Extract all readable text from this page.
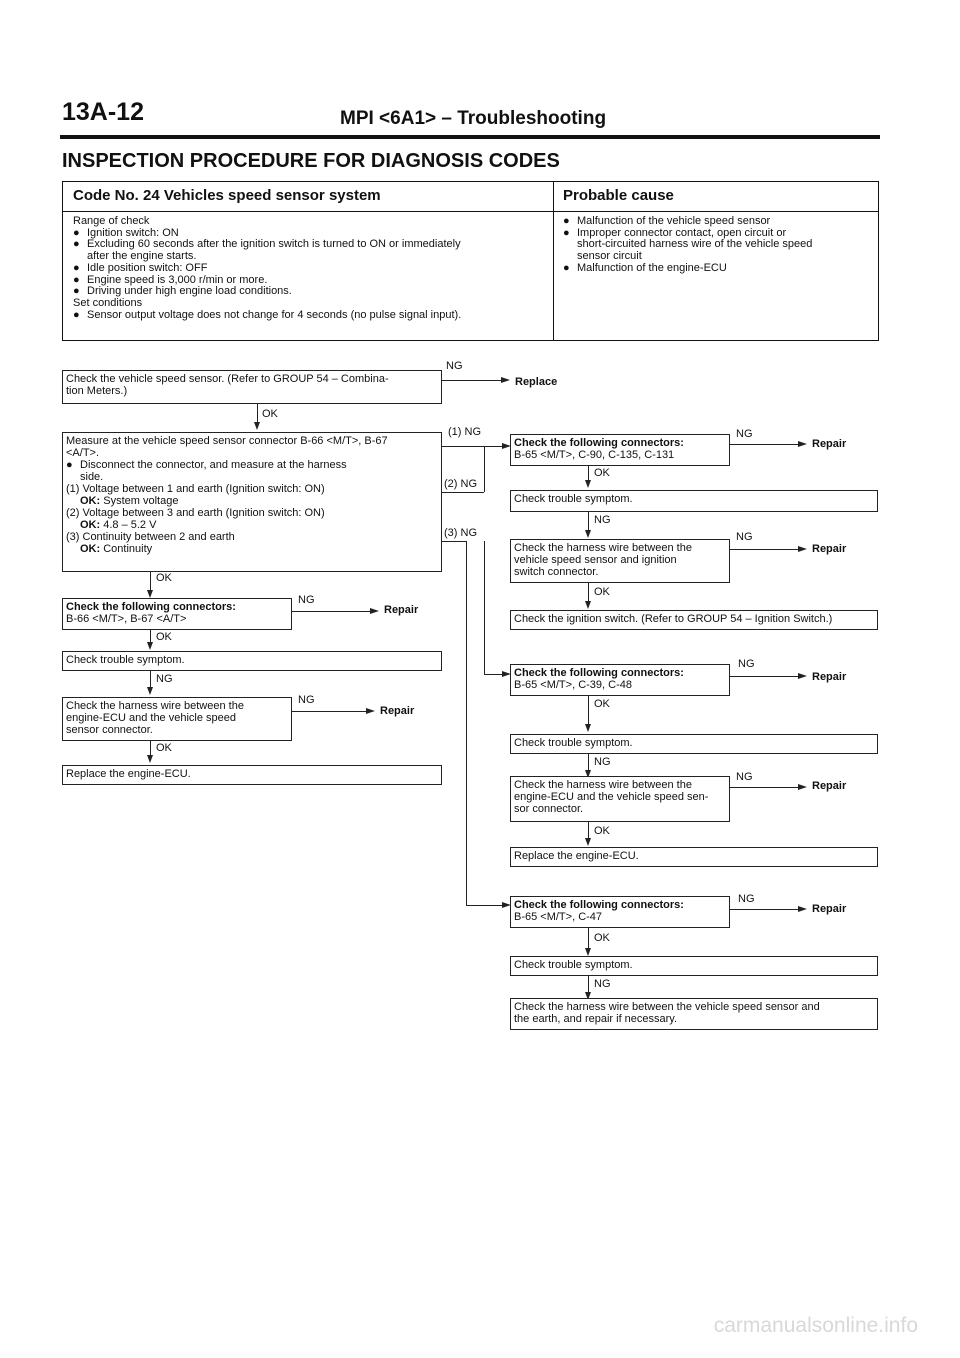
13A-12	MPI <6A1> – Troubleshooting
INSPECTION PROCEDURE FOR DIAGNOSIS CODES
Code No. 24 Vehicles speed sensor system	Probable cause
Range of check
● Ignition switch: ON
● Excluding 60 seconds after the ignition switch is turned to ON or immediately
after the engine starts.
● Idle position switch: OFF
● Engine speed is 3,000 r/min or more.
● Driving under high engine load conditions.
Set conditions
● Sensor output voltage does not change for 4 seconds (no pulse signal input).
● Malfunction of the vehicle speed sensor
● Improper connector contact, open circuit or
short-circuited harness wire of the vehicle speed
sensor circuit
● Malfunction of the engine-ECU
Check the vehicle speed sensor. (Refer to GROUP 54 – Combina-
tion Meters.)
NG
Replace
OK
Measure at the vehicle speed sensor connector B-66 <M/T>, B-67
<A/T>.
● Disconnect the connector, and measure at the harness
side.
(1) Voltage between 1 and earth (Ignition switch: ON)
OK: System voltage
(2) Voltage between 3 and earth (Ignition switch: ON)
OK: 4.8 – 5.2 V
(3) Continuity between 2 and earth
OK: Continuity
(1) NG
(2) NG
(3) NG
OK
Check the following connectors:
B-66 <M/T>, B-67 <A/T>
NG
Repair
OK
Check trouble symptom.
NG
Check the harness wire between the
engine-ECU and the vehicle speed
sensor connector.
NG
Repair
OK
Replace the engine-ECU.
Check the following connectors:
B-65 <M/T>, C-90, C-135, C-131
NG
Repair
OK
Check trouble symptom.
NG
Check the harness wire between the
vehicle speed sensor and ignition
switch connector.
NG
Repair
OK
Check the ignition switch. (Refer to GROUP 54 – Ignition Switch.)
Check the following connectors:
B-65 <M/T>, C-39, C-48
NG
Repair
OK
Check trouble symptom.
NG
Check the harness wire between the
engine-ECU and the vehicle speed sen-
sor connector.
NG
Repair
OK
Replace the engine-ECU.
Check the following connectors:
B-65 <M/T>, C-47
NG
Repair
OK
Check trouble symptom.
NG
Check the harness wire between the vehicle speed sensor and
the earth, and repair if necessary.
carmanualsonline.info
